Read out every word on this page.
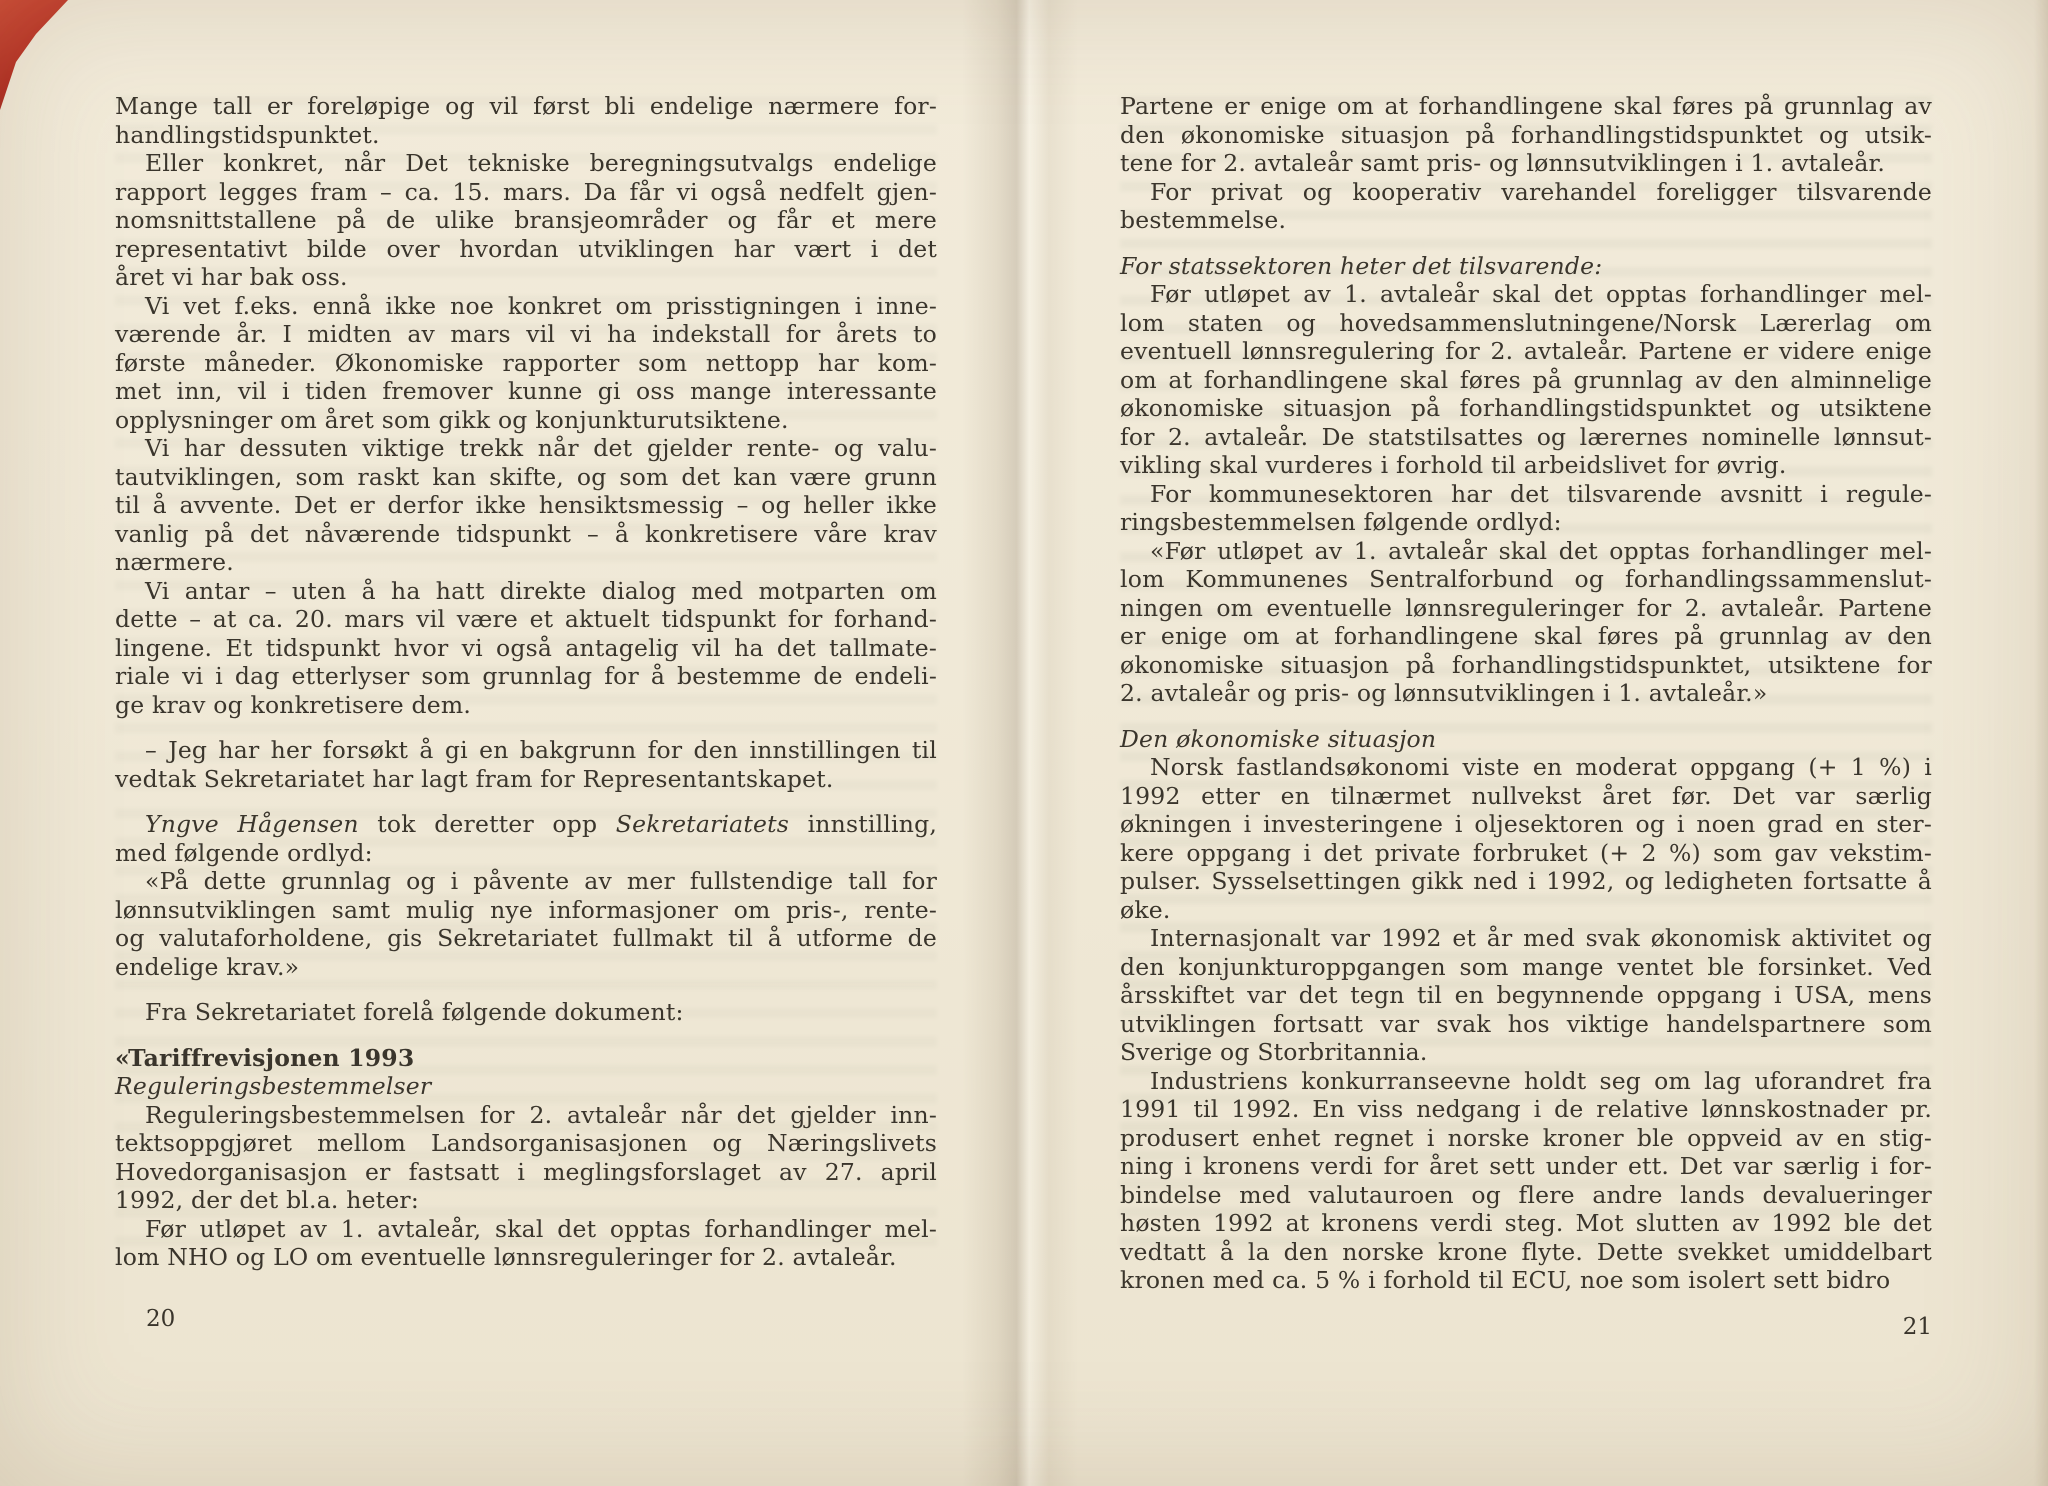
Mange tall er foreløpige og vil først bli endelige nærmere for-
handlingstidspunktet.
Eller konkret, når Det tekniske beregningsutvalgs endelige
rapport legges fram – ca. 15. mars. Da får vi også nedfelt gjen-
nomsnittstallene på de ulike bransjeområder og får et mere
representativt bilde over hvordan utviklingen har vært i det
året vi har bak oss.
Vi vet f.eks. ennå ikke noe konkret om prisstigningen i inne-
værende år. I midten av mars vil vi ha indekstall for årets to
første måneder. Økonomiske rapporter som nettopp har kom-
met inn, vil i tiden fremover kunne gi oss mange interessante
opplysninger om året som gikk og konjunkturutsiktene.
Vi har dessuten viktige trekk når det gjelder rente- og valu-
tautviklingen, som raskt kan skifte, og som det kan være grunn
til å avvente. Det er derfor ikke hensiktsmessig – og heller ikke
vanlig på det nåværende tidspunkt – å konkretisere våre krav
nærmere.
Vi antar – uten å ha hatt direkte dialog med motparten om
dette – at ca. 20. mars vil være et aktuelt tidspunkt for forhand-
lingene. Et tidspunkt hvor vi også antagelig vil ha det tallmate-
riale vi i dag etterlyser som grunnlag for å bestemme de endeli-
ge krav og konkretisere dem.
– Jeg har her forsøkt å gi en bakgrunn for den innstillingen til
vedtak Sekretariatet har lagt fram for Representantskapet.
Yngve Hågensen tok deretter opp Sekretariatets innstilling,
med følgende ordlyd:
«På dette grunnlag og i påvente av mer fullstendige tall for
lønnsutviklingen samt mulig nye informasjoner om pris-, rente-
og valutaforholdene, gis Sekretariatet fullmakt til å utforme de
endelige krav.»
Fra Sekretariatet forelå følgende dokument:
«Tariffrevisjonen 1993
Reguleringsbestemmelser
Reguleringsbestemmelsen for 2. avtaleår når det gjelder inn-
tektsoppgjøret mellom Landsorganisasjonen og Næringslivets
Hovedorganisasjon er fastsatt i meglingsforslaget av 27. april
1992, der det bl.a. heter:
Før utløpet av 1. avtaleår, skal det opptas forhandlinger mel-
lom NHO og LO om eventuelle lønnsreguleringer for 2. avtaleår.
Partene er enige om at forhandlingene skal føres på grunnlag av
den økonomiske situasjon på forhandlingstidspunktet og utsik-
tene for 2. avtaleår samt pris- og lønnsutviklingen i 1. avtaleår.
For privat og kooperativ varehandel foreligger tilsvarende
bestemmelse.
For statssektoren heter det tilsvarende:
Før utløpet av 1. avtaleår skal det opptas forhandlinger mel-
lom staten og hovedsammenslutningene/Norsk Lærerlag om
eventuell lønnsregulering for 2. avtaleår. Partene er videre enige
om at forhandlingene skal føres på grunnlag av den alminnelige
økonomiske situasjon på forhandlingstidspunktet og utsiktene
for 2. avtaleår. De statstilsattes og lærernes nominelle lønnsut-
vikling skal vurderes i forhold til arbeidslivet for øvrig.
For kommunesektoren har det tilsvarende avsnitt i regule-
ringsbestemmelsen følgende ordlyd:
«Før utløpet av 1. avtaleår skal det opptas forhandlinger mel-
lom Kommunenes Sentralforbund og forhandlingssammenslut-
ningen om eventuelle lønnsreguleringer for 2. avtaleår. Partene
er enige om at forhandlingene skal føres på grunnlag av den
økonomiske situasjon på forhandlingstidspunktet, utsiktene for
2. avtaleår og pris- og lønnsutviklingen i 1. avtaleår.»
Den økonomiske situasjon
Norsk fastlandsøkonomi viste en moderat oppgang (+ 1 %) i
1992 etter en tilnærmet nullvekst året før. Det var særlig
økningen i investeringene i oljesektoren og i noen grad en ster-
kere oppgang i det private forbruket (+ 2 %) som gav vekstim-
pulser. Sysselsettingen gikk ned i 1992, og ledigheten fortsatte å
øke.
Internasjonalt var 1992 et år med svak økonomisk aktivitet og
den konjunkturoppgangen som mange ventet ble forsinket. Ved
årsskiftet var det tegn til en begynnende oppgang i USA, mens
utviklingen fortsatt var svak hos viktige handelspartnere som
Sverige og Storbritannia.
Industriens konkurranseevne holdt seg om lag uforandret fra
1991 til 1992. En viss nedgang i de relative lønnskostnader pr.
produsert enhet regnet i norske kroner ble oppveid av en stig-
ning i kronens verdi for året sett under ett. Det var særlig i for-
bindelse med valutauroen og flere andre lands devalueringer
høsten 1992 at kronens verdi steg. Mot slutten av 1992 ble det
vedtatt å la den norske krone flyte. Dette svekket umiddelbart
kronen med ca. 5 % i forhold til ECU, noe som isolert sett bidro
20	21
